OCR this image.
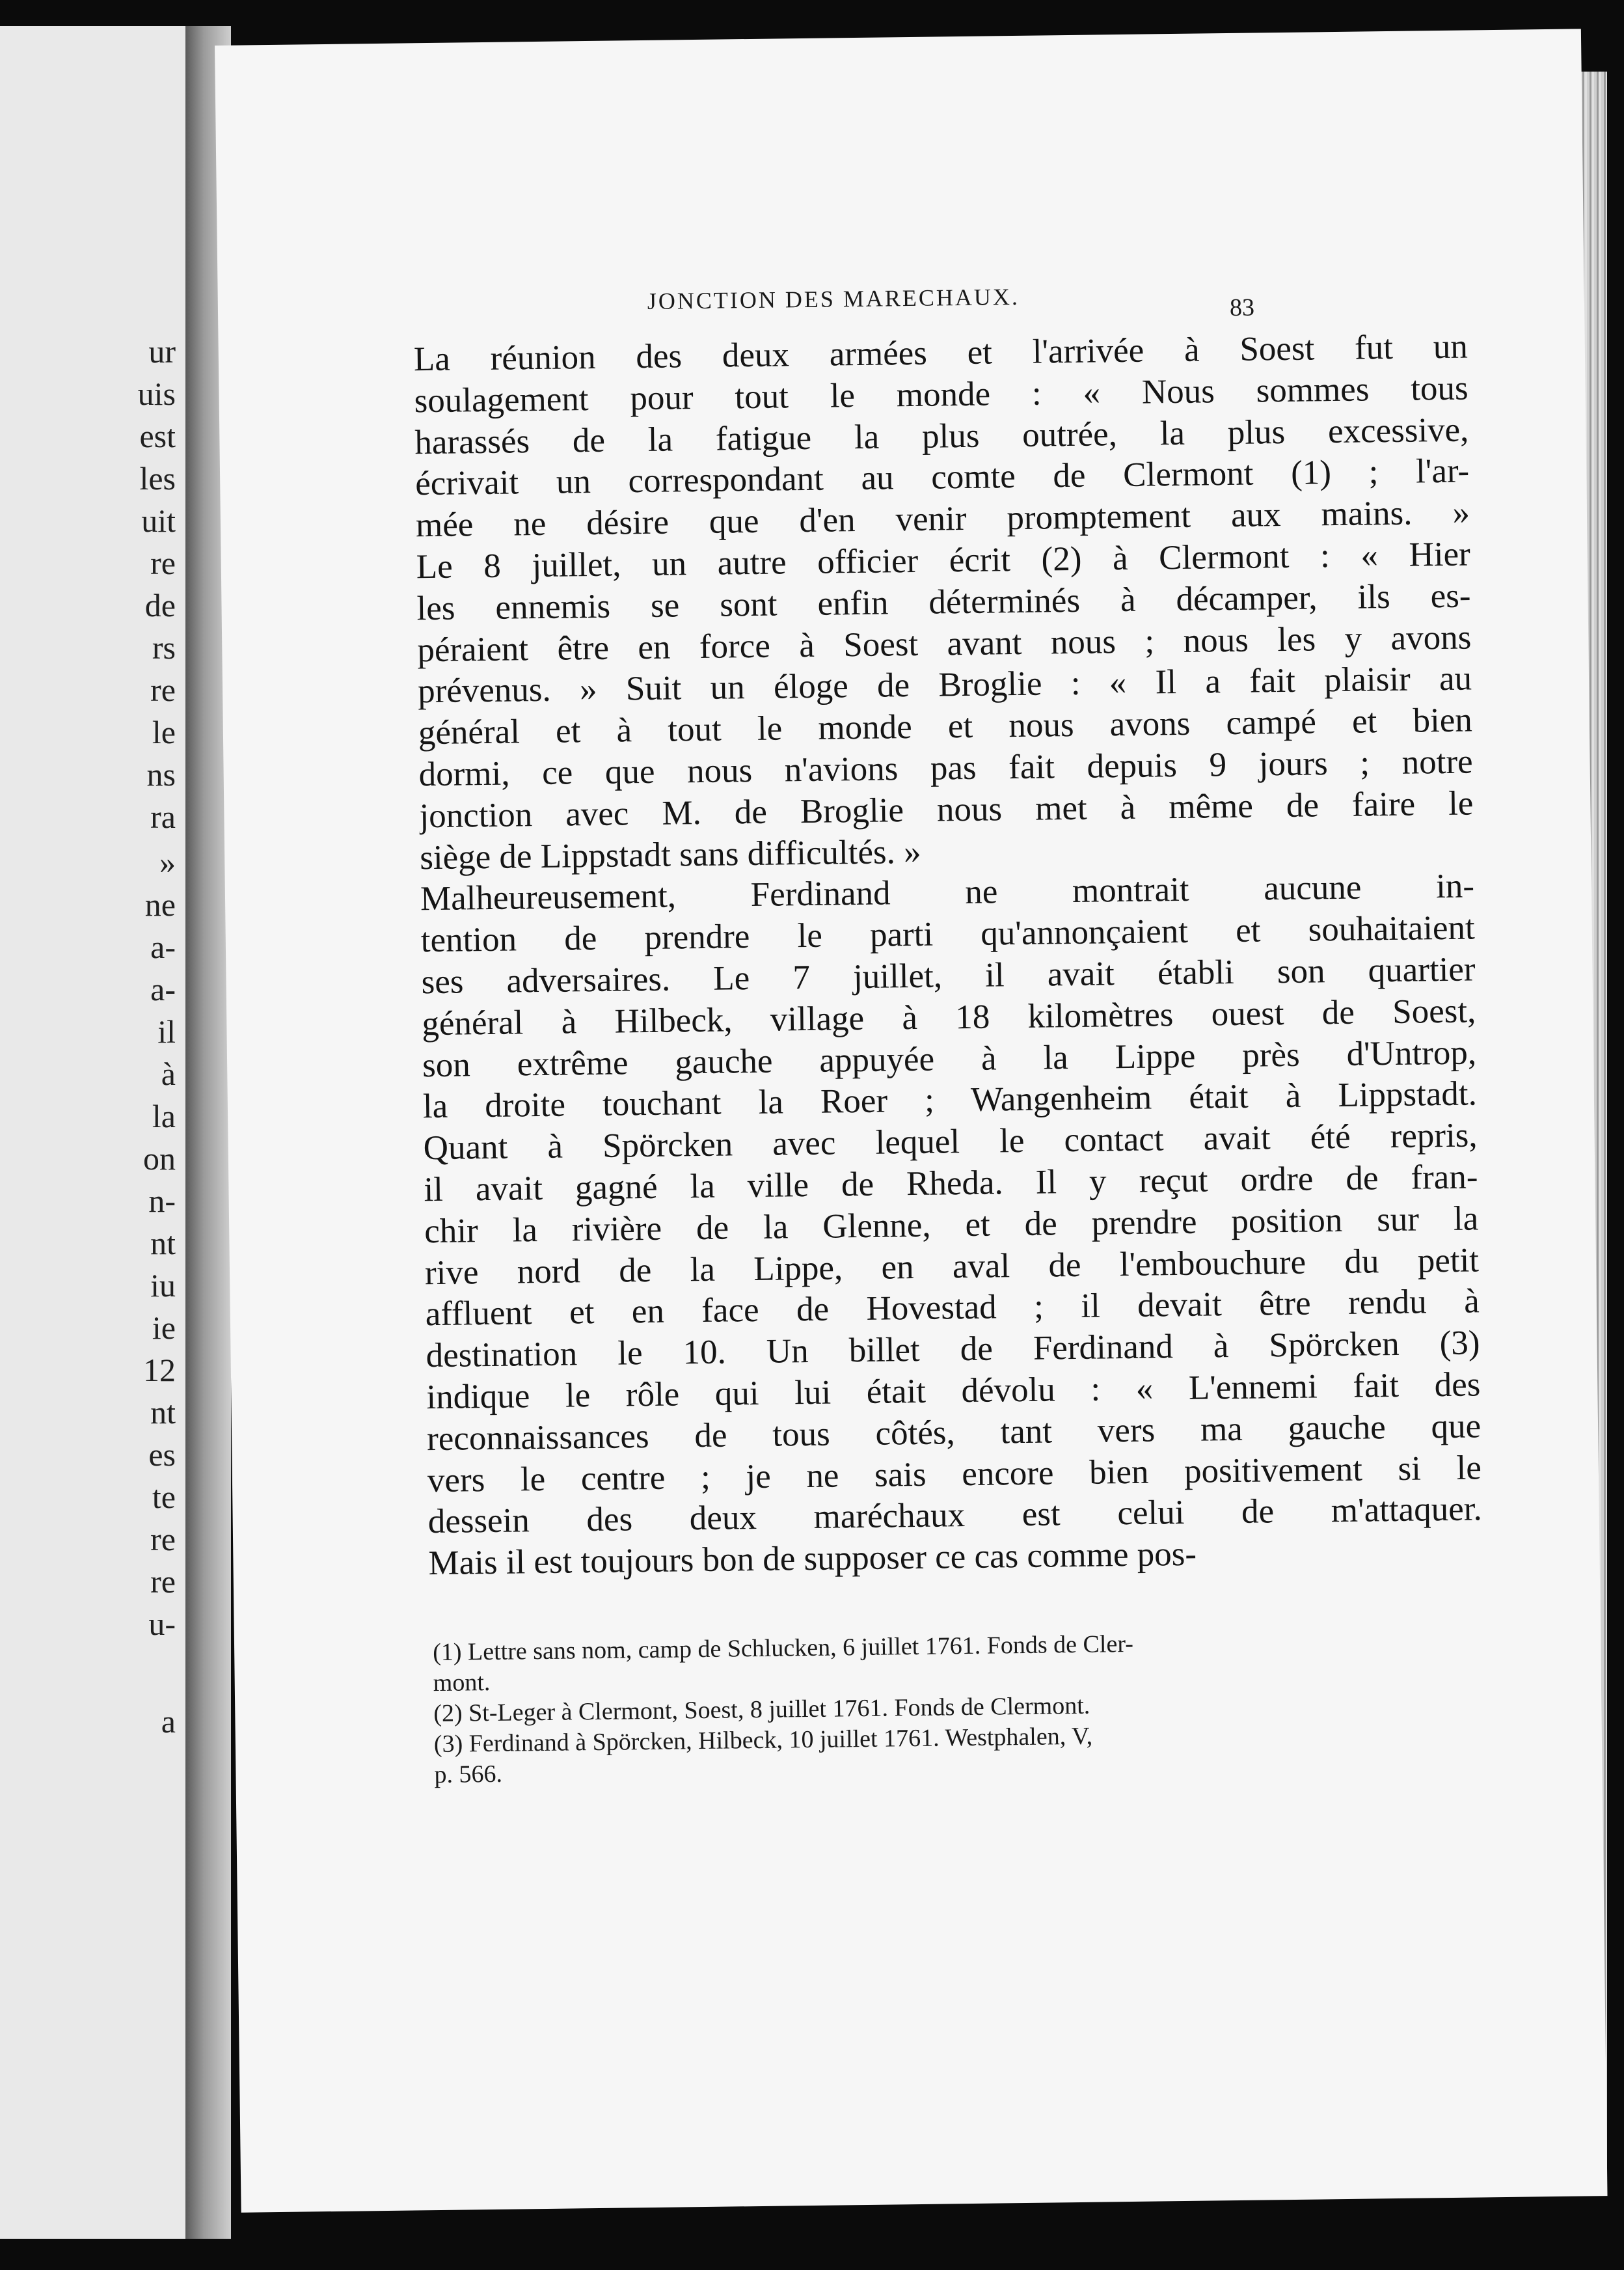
JONCTION DES MARECHAUX.	83
La réunion des deux armées et l'arrivée à Soest fut un
soulagement pour tout le monde : « Nous sommes tous
harassés de la fatigue la plus outrée, la plus excessive,
écrivait un correspondant au comte de Clermont (1) ; l'ar-
mée ne désire que d'en venir promptement aux mains. »
Le 8 juillet, un autre officier écrit (2) à Clermont : « Hier
les ennemis se sont enfin déterminés à décamper, ils es-
péraient être en force à Soest avant nous ; nous les y avons
prévenus. » Suit un éloge de Broglie : « Il a fait plaisir au
général et à tout le monde et nous avons campé et bien
dormi, ce que nous n'avions pas fait depuis 9 jours ; notre
jonction avec M. de Broglie nous met à même de faire le
siège de Lippstadt sans difficultés. »
Malheureusement, Ferdinand ne montrait aucune in-
tention de prendre le parti qu'annonçaient et souhaitaient
ses adversaires. Le 7 juillet, il avait établi son quartier
général à Hilbeck, village à 18 kilomètres ouest de Soest,
son extrême gauche appuyée à la Lippe près d'Untrop,
la droite touchant la Roer ; Wangenheim était à Lippstadt.
Quant à Spörcken avec lequel le contact avait été repris,
il avait gagné la ville de Rheda. Il y reçut ordre de fran-
chir la rivière de la Glenne, et de prendre position sur la
rive nord de la Lippe, en aval de l'embouchure du petit
affluent et en face de Hovestad ; il devait être rendu à
destination le 10. Un billet de Ferdinand à Spörcken (3)
indique le rôle qui lui était dévolu : « L'ennemi fait des
reconnaissances de tous côtés, tant vers ma gauche que
vers le centre ; je ne sais encore bien positivement si le
dessein des deux maréchaux est celui de m'attaquer.
Mais il est toujours bon de supposer ce cas comme pos-
(1) Lettre sans nom, camp de Schlucken, 6 juillet 1761. Fonds de Cler-
mont.
(2) St-Leger à Clermont, Soest, 8 juillet 1761. Fonds de Clermont.
(3) Ferdinand à Spörcken, Hilbeck, 10 juillet 1761. Westphalen, V,
p. 566.
ur
uis
est
les
uit
re
de
rs
re
le
ns
ra
»
ne
a-
a-
il
à
la
on
n-
nt
iu
ie
12
nt
es
te
re
re
u-
a
